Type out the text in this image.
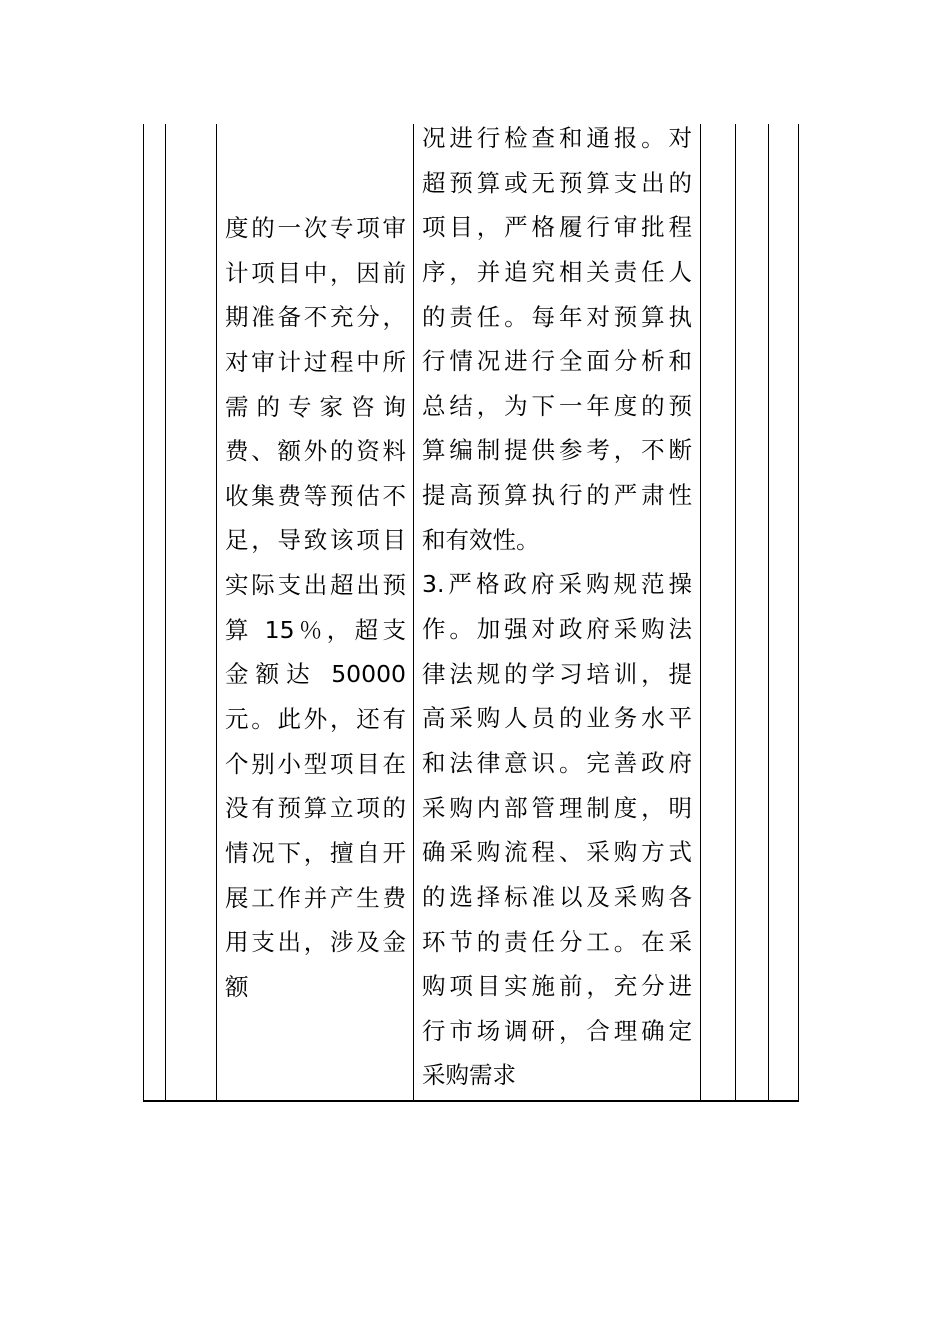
度的一次专项审
计项目中，因前
期准备不充分，
对审计过程中所
需的专家咨询
费、额外的资料
收集费等预估不
足，导致该项目
实际支出超出预
算 15％，超支
金额达 50000
元。此外，还有
个别小型项目在
没有预算立项的
情况下，擅自开
展工作并产生费
用支出，涉及金
额
况进行检查和通报。对
超预算或无预算支出的
项目，严格履行审批程
序，并追究相关责任人
的责任。每年对预算执
行情况进行全面分析和
总结，为下一年度的预
算编制提供参考，不断
提高预算执行的严肃性
和有效性。
3.严格政府采购规范操
作。加强对政府采购法
律法规的学习培训，提
高采购人员的业务水平
和法律意识。完善政府
采购内部管理制度，明
确采购流程、采购方式
的选择标准以及采购各
环节的责任分工。在采
购项目实施前，充分进
行市场调研，合理确定
采购需求
